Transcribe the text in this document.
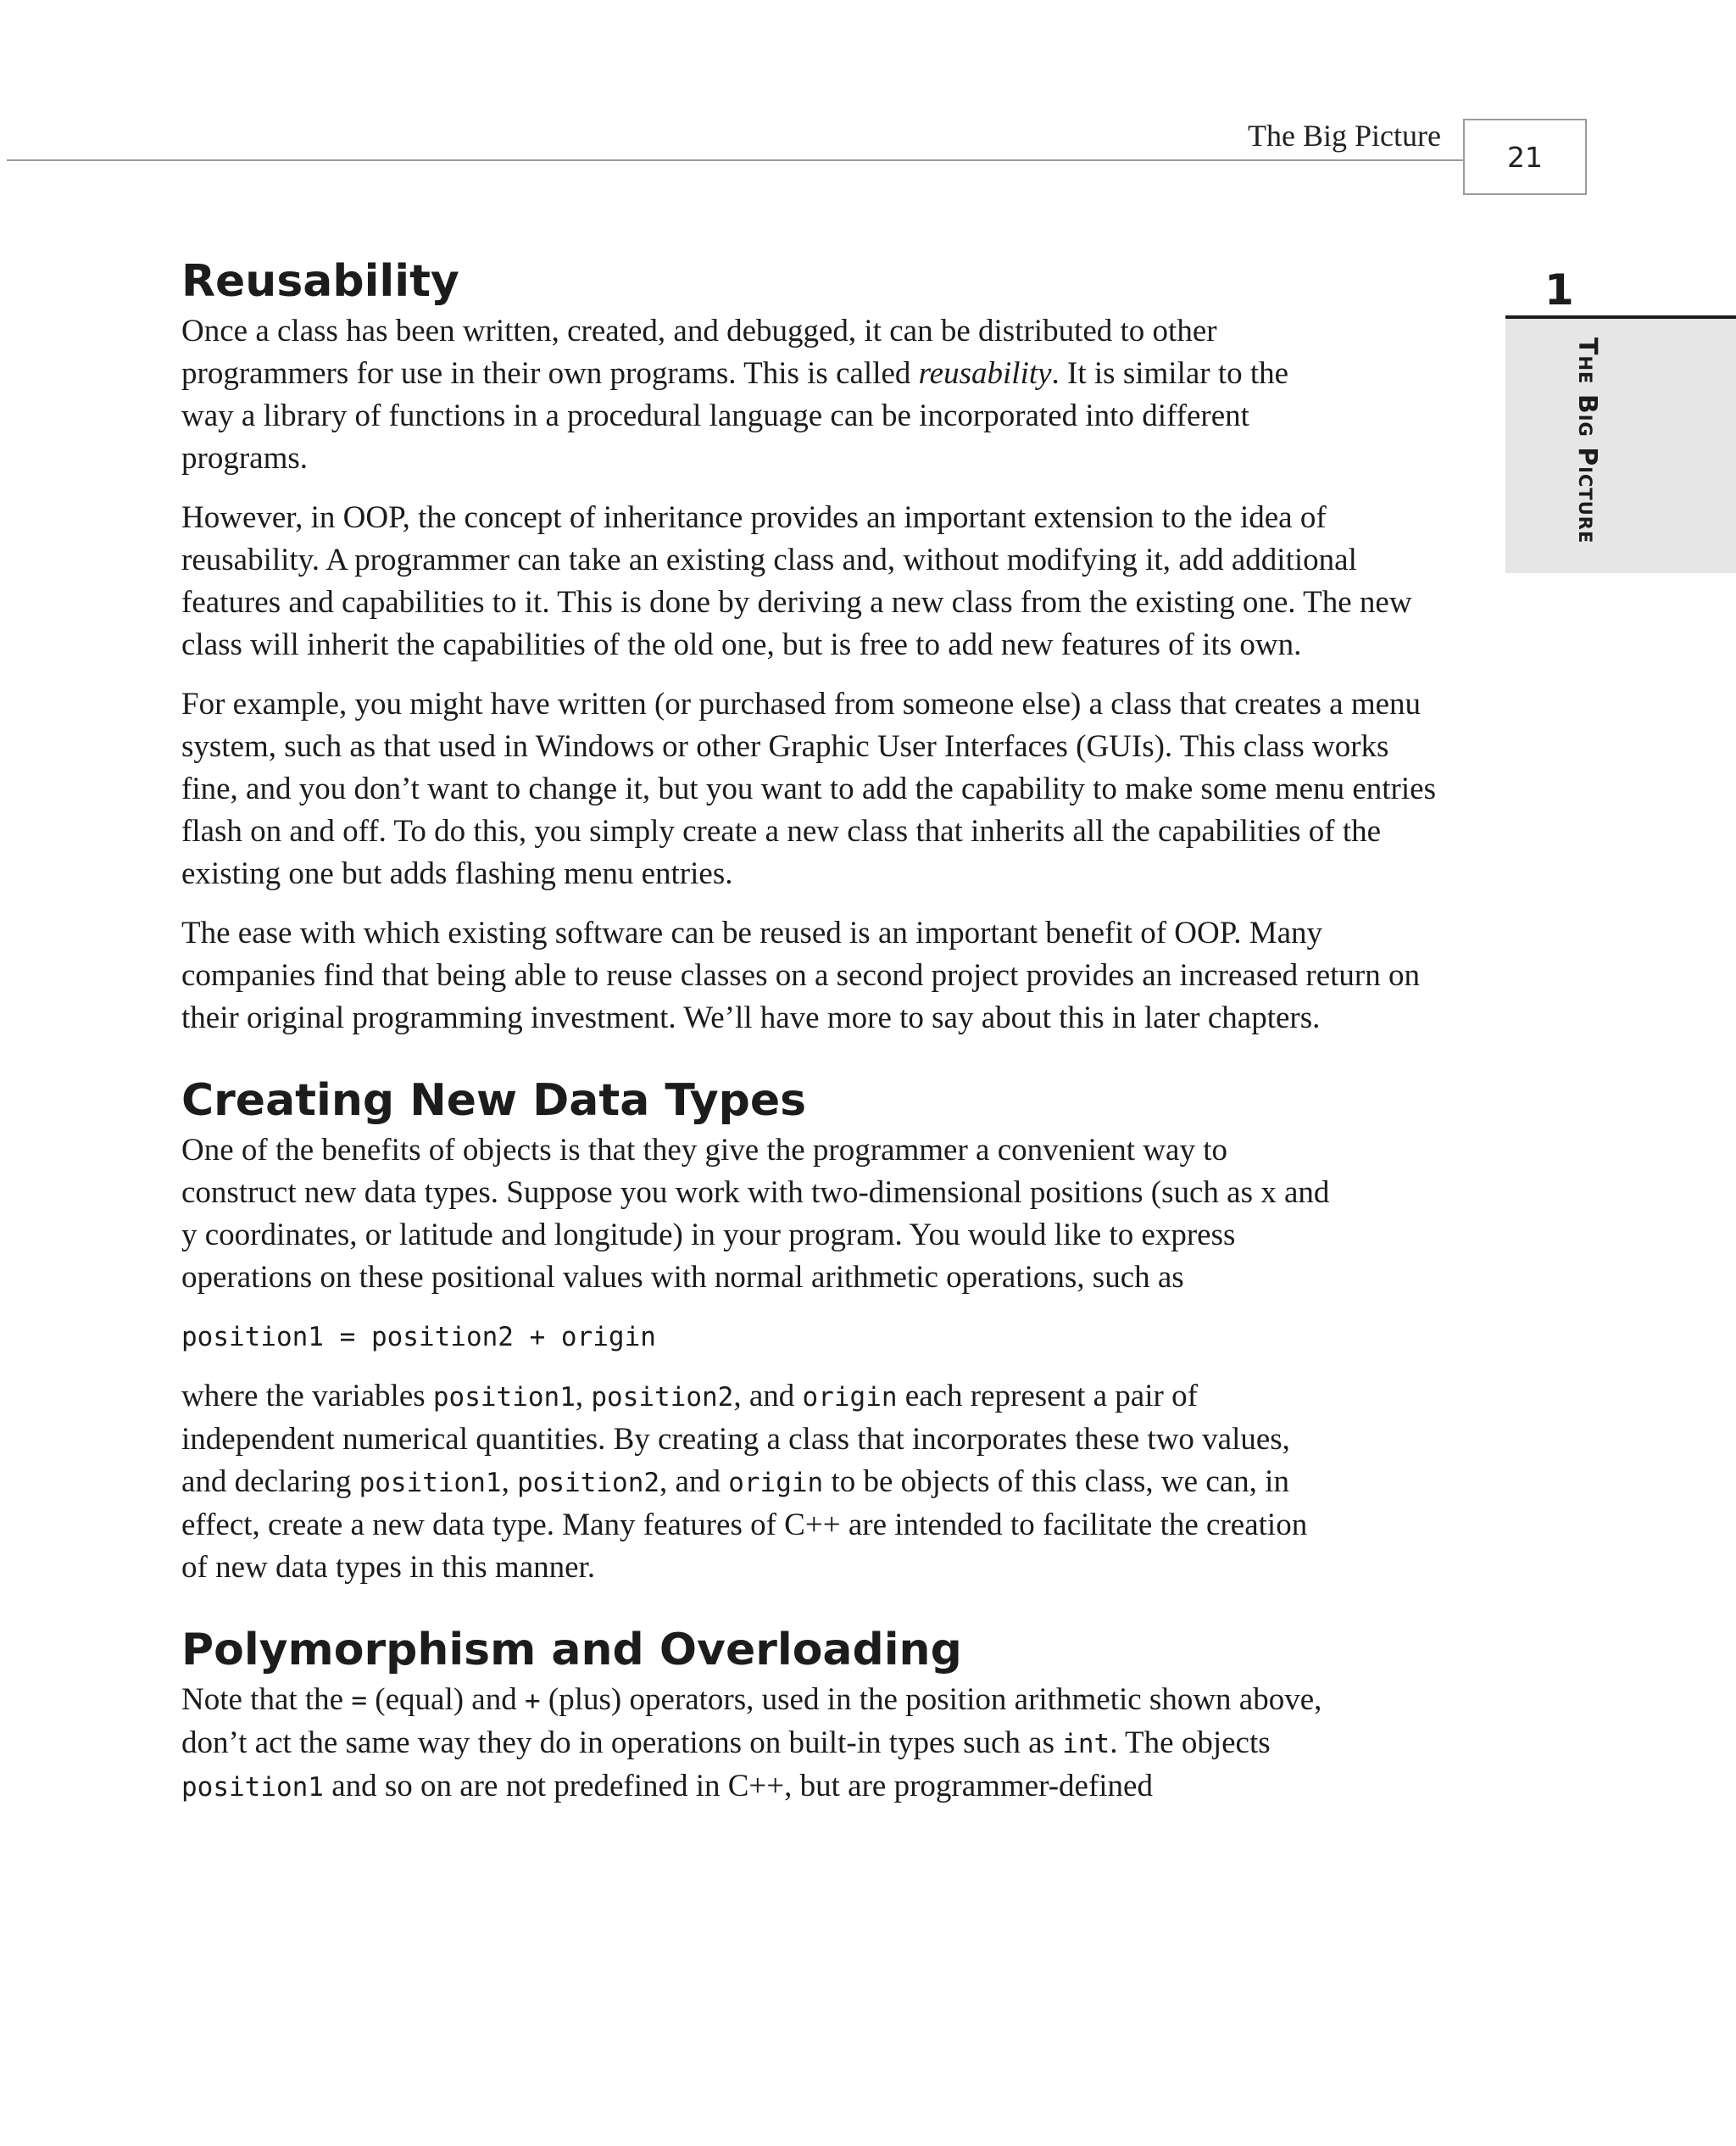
The Big Picture
21
1
The Big Picture
Reusability

Once a class has been written, created, and debugged, it can be distributed to other programmers for use in their own programs. This is called reusability. It is similar to the way a library of functions in a procedural language can be incorporated into different programs.

However, in OOP, the concept of inheritance provides an important extension to the idea of reusability. A programmer can take an existing class and, without modifying it, add additional features and capabilities to it. This is done by deriving a new class from the existing one. The new class will inherit the capabilities of the old one, but is free to add new features of its own.

For example, you might have written (or purchased from someone else) a class that creates a menu system, such as that used in Windows or other Graphic User Interfaces (GUIs). This class works fine, and you don’t want to change it, but you want to add the capability to make some menu entries flash on and off. To do this, you simply create a new class that inherits all the capabilities of the existing one but adds flashing menu entries.

The ease with which existing software can be reused is an important benefit of OOP. Many companies find that being able to reuse classes on a second project provides an increased return on their original programming investment. We’ll have more to say about this in later chapters.

Creating New Data Types

One of the benefits of objects is that they give the programmer a convenient way to construct new data types. Suppose you work with two-dimensional positions (such as x and y coordinates, or latitude and longitude) in your program. You would like to express operations on these positional values with normal arithmetic operations, such as

position1 = position2 + origin

where the variables position1, position2, and origin each represent a pair of independent numerical quantities. By creating a class that incorporates these two values, and declaring position1, position2, and origin to be objects of this class, we can, in effect, create a new data type. Many features of C++ are intended to facilitate the creation of new data types in this manner.

Polymorphism and Overloading

Note that the = (equal) and + (plus) operators, used in the position arithmetic shown above, don’t act the same way they do in operations on built-in types such as int. The objects position1 and so on are not predefined in C++, but are programmer-defined
